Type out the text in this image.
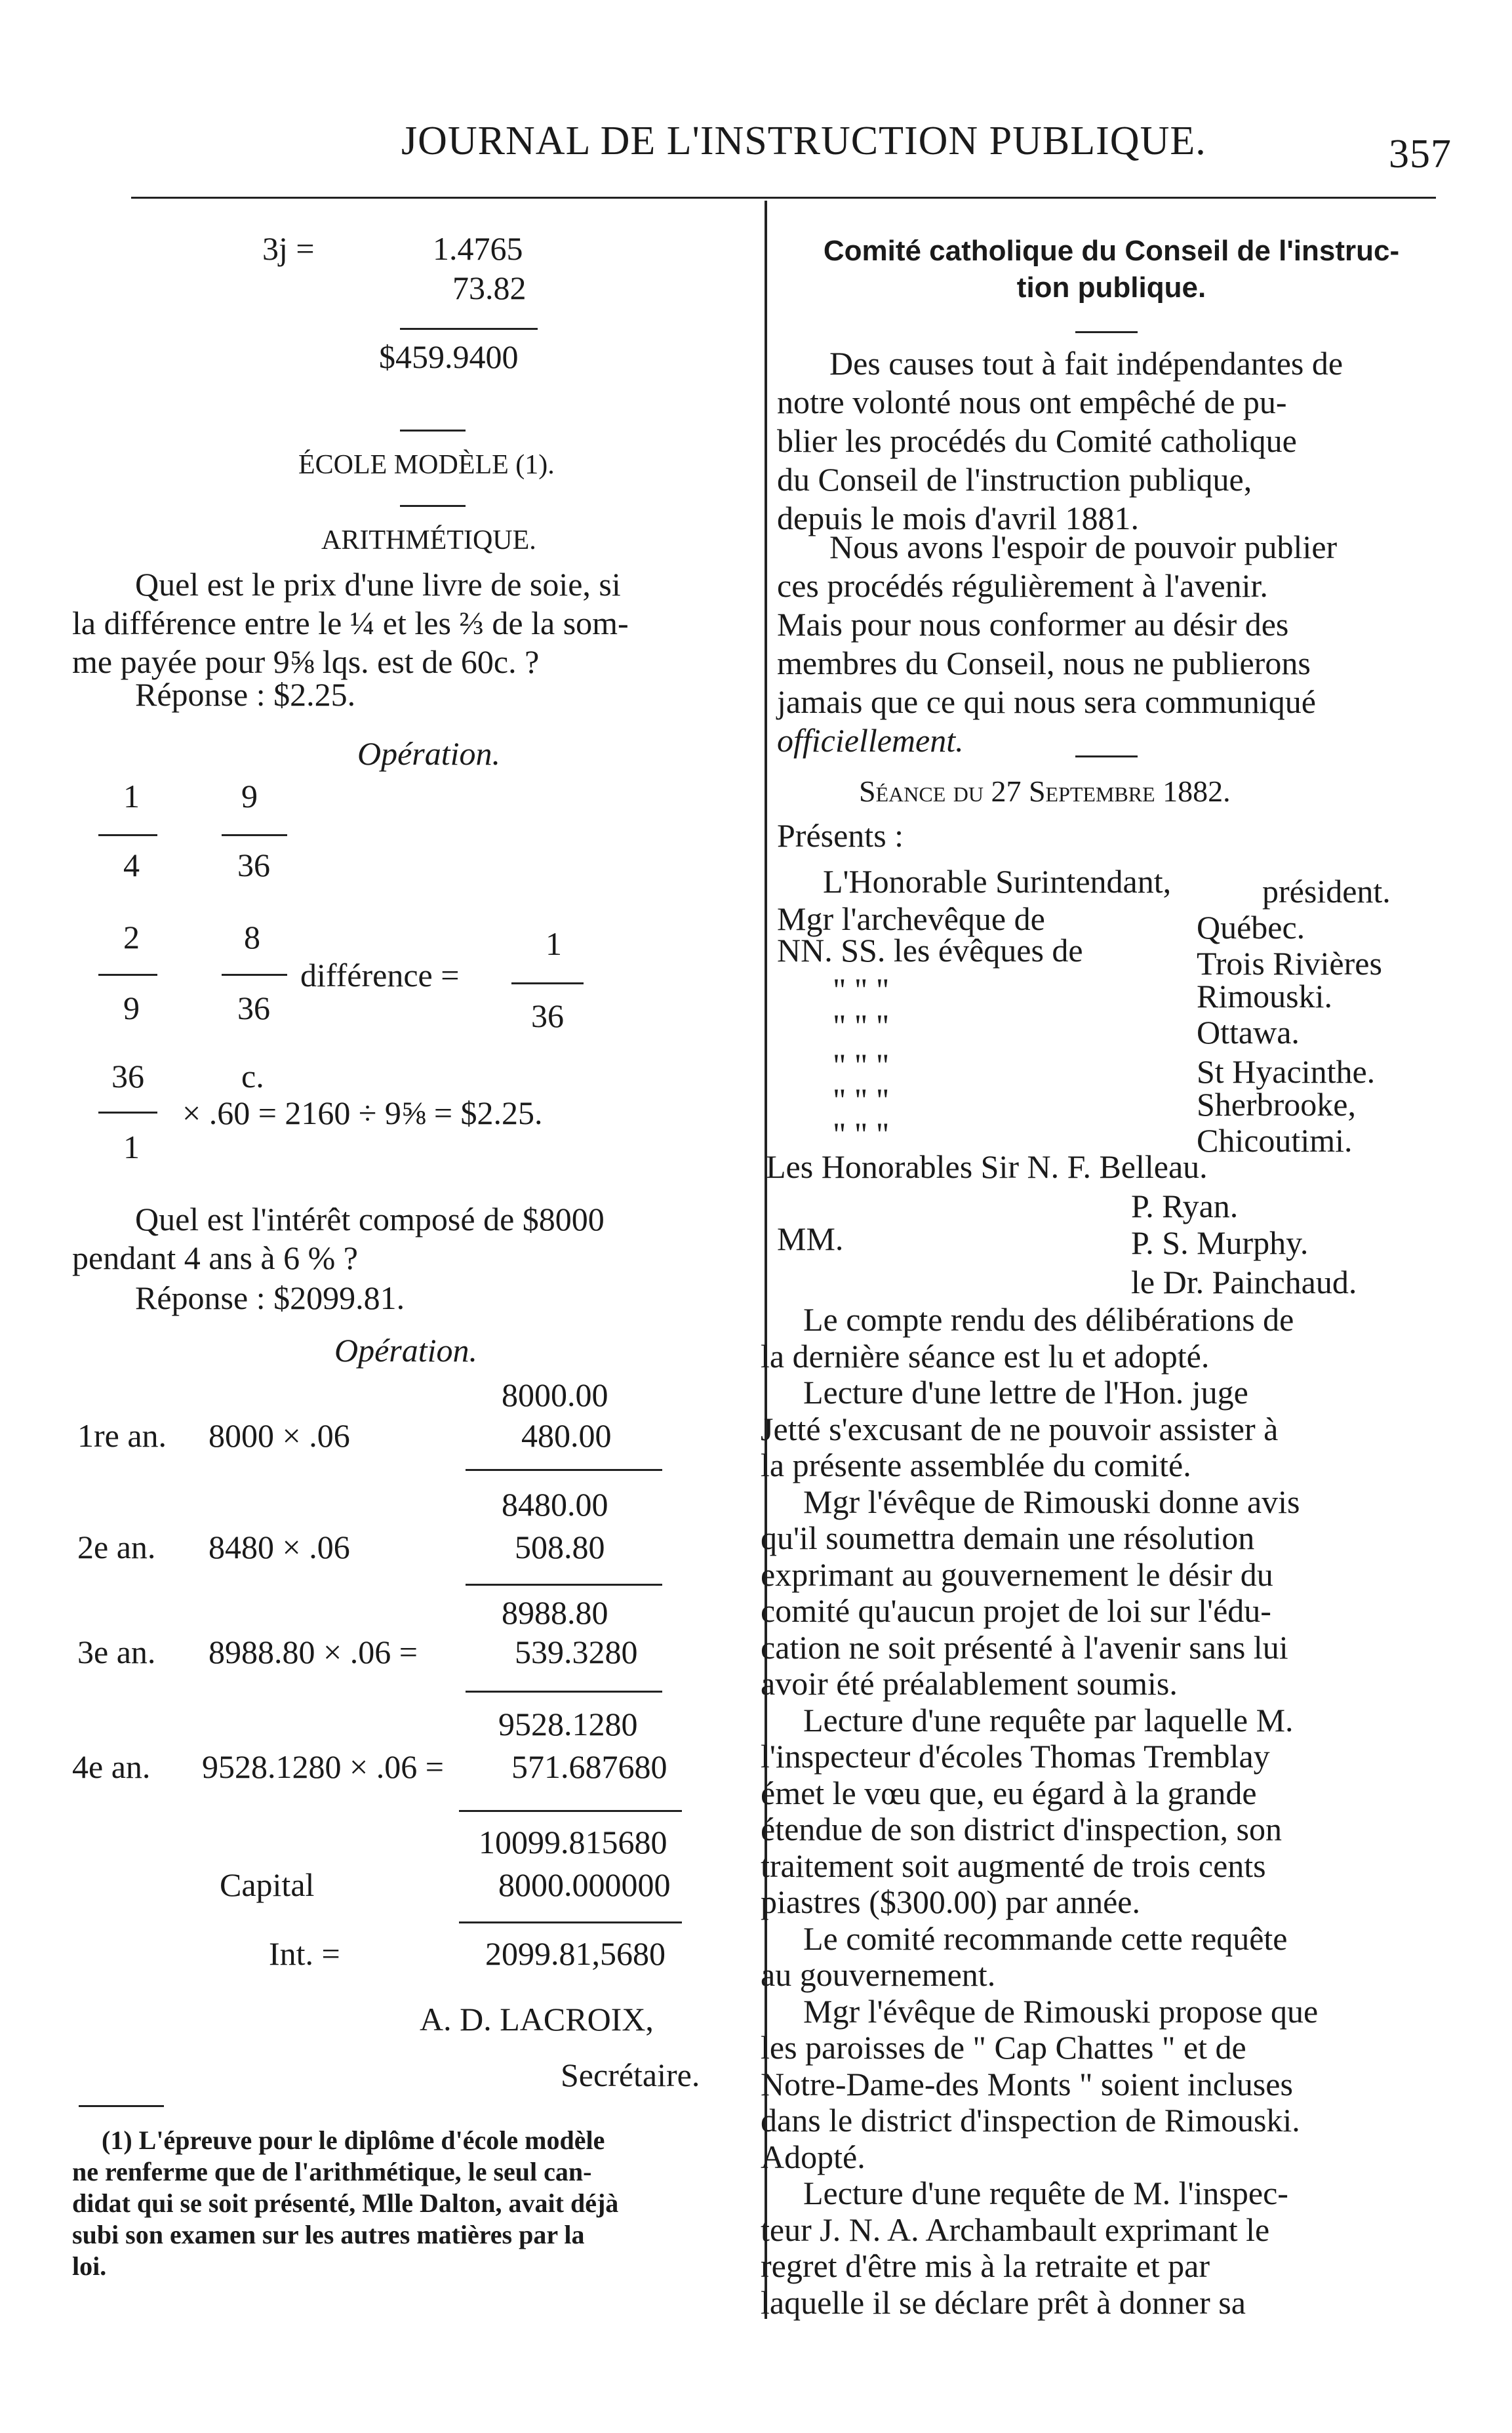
JOURNAL DE L'INSTRUCTION PUBLIQUE.	357
3j =	1.4765
73.82
$459.9400
ÉCOLE MODÈLE (1).
ARITHMÉTIQUE.
Quel est le prix d'une livre de soie, si
la différence entre le ¼ et les ⅔ de la som-
me payée pour 9⅝ lqs. est de 60c. ?
Réponse : $2.25.
Opération.
1	9
4	36
2	8	1
différence =
9	36	36
36	c.
× .60 = 2160 ÷ 9⅝ = $2.25.
1
Quel est l'intérêt composé de $8000
pendant 4 ans à 6 % ?
Réponse : $2099.81.
Opération.
8000.00
1re an. 8000 × .06	480.00
8480.00
2e an. 8480 × .06	508.80
8988.80
3e an. 8988.80 × .06 =	539.3280
9528.1280
4e an. 9528.1280 × .06 = 571.687680
10099.815680
Capital	8000.000000
Int. =	2099.81,5680
A. D. LACROIX,
Secrétaire.
(1) L'épreuve pour le diplôme d'école modèle
ne renferme que de l'arithmétique, le seul can-
didat qui se soit présenté, Mlle Dalton, avait déjà
subi son examen sur les autres matières par la
loi.
Comité catholique du Conseil de l'instruc-
tion publique.
Des causes tout à fait indépendantes de
notre volonté nous ont empêché de pu-
blier les procédés du Comité catholique
du Conseil de l'instruction publique,
depuis le mois d'avril 1881.
Nous avons l'espoir de pouvoir publier
ces procédés régulièrement à l'avenir.
Mais pour nous conformer au désir des
membres du Conseil, nous ne publierons
jamais que ce qui nous sera communiqué
officiellement.
Séance du 27 Septembre 1882.
Présents :
L'Honorable Surintendant,	président.
Mgr l'archevêque de	Québec.
NN. SS. les évêques de	Trois Rivières
" " "	Rimouski.
" " "	Ottawa.
" " "	St Hyacinthe.
" " "	Sherbrooke,
" " "	Chicoutimi.
Les Honorables Sir N. F. Belleau.
P. Ryan.
MM.	P. S. Murphy.
le Dr. Painchaud.
Le compte rendu des délibérations de
la dernière séance est lu et adopté.
Lecture d'une lettre de l'Hon. juge
Jetté s'excusant de ne pouvoir assister à
la présente assemblée du comité.
Mgr l'évêque de Rimouski donne avis
qu'il soumettra demain une résolution
exprimant au gouvernement le désir du
comité qu'aucun projet de loi sur l'édu-
cation ne soit présenté à l'avenir sans lui
avoir été préalablement soumis.
Lecture d'une requête par laquelle M.
l'inspecteur d'écoles Thomas Tremblay
émet le vœu que, eu égard à la grande
étendue de son district d'inspection, son
traitement soit augmenté de trois cents
piastres ($300.00) par année.
Le comité recommande cette requête
au gouvernement.
Mgr l'évêque de Rimouski propose que
les paroisses de " Cap Chattes " et de
Notre-Dame-des Monts " soient incluses
dans le district d'inspection de Rimouski.
Adopté.
Lecture d'une requête de M. l'inspec-
teur J. N. A. Archambault exprimant le
regret d'être mis à la retraite et par
laquelle il se déclare prêt à donner sa
